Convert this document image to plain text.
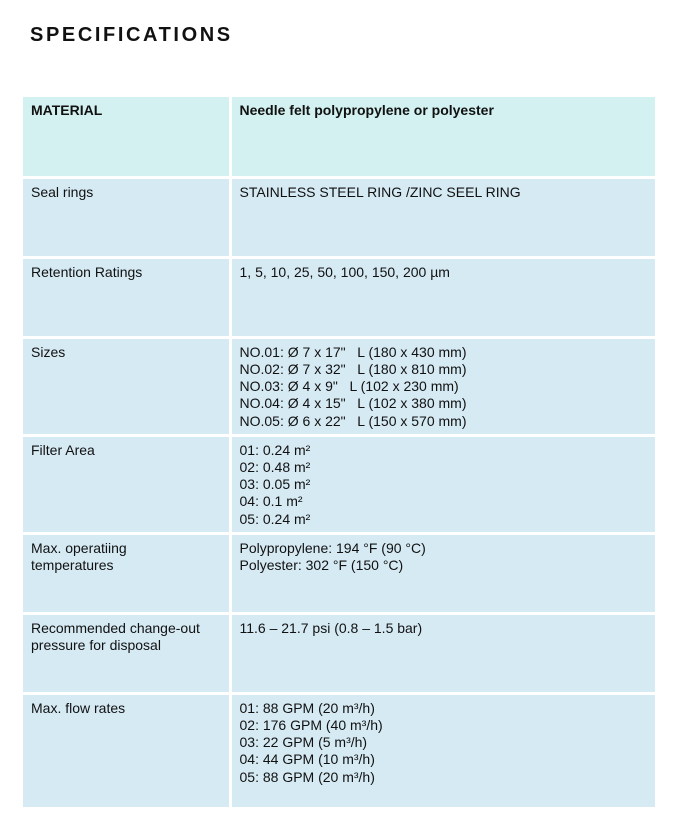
SPECIFICATIONS
MATERIAL	Needle felt polypropylene or polyester

Seal rings	STAINLESS STEEL RING /ZINC SEEL RING

Retention Ratings	1, 5, 10, 25, 50, 100, 150, 200 µm

Sizes	NO.01: Ø 7 x 17"   L (180 x 430 mm)
NO.02: Ø 7 x 32"   L (180 x 810 mm)
NO.03: Ø 4 x 9"   L (102 x 230 mm)
NO.04: Ø 4 x 15"   L (102 x 380 mm)
NO.05: Ø 6 x 22"   L (150 x 570 mm)

Filter Area	01: 0.24 m²
02: 0.48 m²
03: 0.05 m²
04: 0.1 m²
05: 0.24 m²

Max. operatiing
temperatures	Polypropylene: 194 °F (90 °C)
Polyester: 302 °F (150 °C)

Recommended change-out
pressure for disposal	11.6 – 21.7 psi (0.8 – 1.5 bar)

Max. flow rates	01: 88 GPM (20 m³/h)
02: 176 GPM (40 m³/h)
03: 22 GPM (5 m³/h)
04: 44 GPM (10 m³/h)
05: 88 GPM (20 m³/h)
